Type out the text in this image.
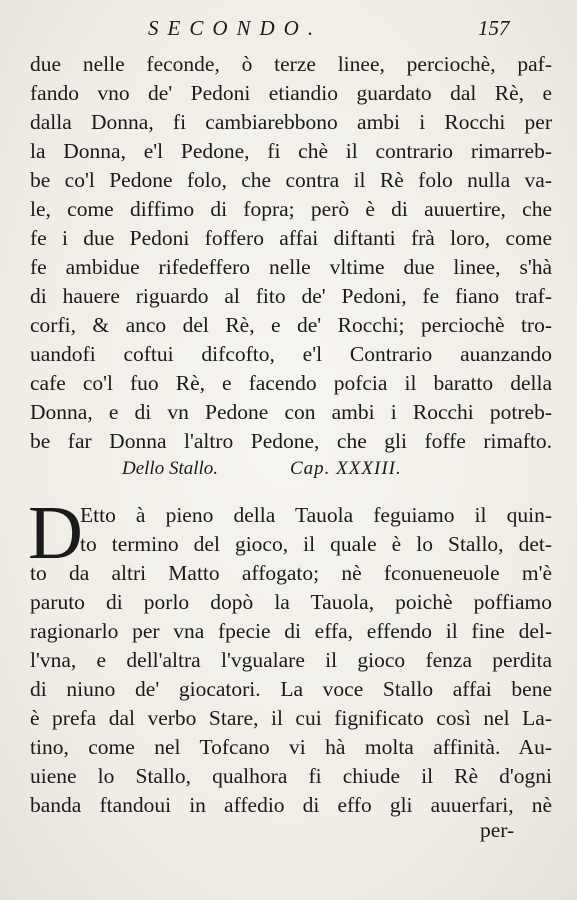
SECONDO.	157
due nelle feconde, ò terze linee, perciochè, paf-
fando vno de' Pedoni etiandio guardato dal Rè, e
dalla Donna, fi cambiarebbono ambi i Rocchi per
la Donna, e'l Pedone, fi chè il contrario rimarreb-
be co'l Pedone folo, che contra il Rè folo nulla va-
le, come diffimo di fopra; però è di auuertire, che
fe i due Pedoni foffero affai diftanti frà loro, come
fe ambidue rifedeffero nelle vltime due linee, s'hà
di hauere riguardo al fito de' Pedoni, fe fiano traf-
corfi, & anco del Rè, e de' Rocchi; perciochè tro-
uandofi coftui difcofto, e'l Contrario auanzando
cafe co'l fuo Rè, e facendo pofcia il baratto della
Donna, e di vn Pedone con ambi i Rocchi potreb-
be far Donna l'altro Pedone, che gli foffe rimafto.
Dello Stallo.	Cap. XXXIII.
D
Etto à pieno della Tauola feguiamo il quin-
to termino del gioco, il quale è lo Stallo, det-
to da altri Matto affogato; nè fconueneuole m'è
paruto di porlo dopò la Tauola, poichè poffiamo
ragionarlo per vna fpecie di effa, effendo il fine del-
l'vna, e dell'altra l'vgualare il gioco fenza perdita
di niuno de' giocatori. La voce Stallo affai bene
è prefa dal verbo Stare, il cui fignificato così nel La-
tino, come nel Tofcano vi hà molta affinità. Au-
uiene lo Stallo, qualhora fi chiude il Rè d'ogni
banda ftandoui in affedio di effo gli auuerfari, nè
per-
